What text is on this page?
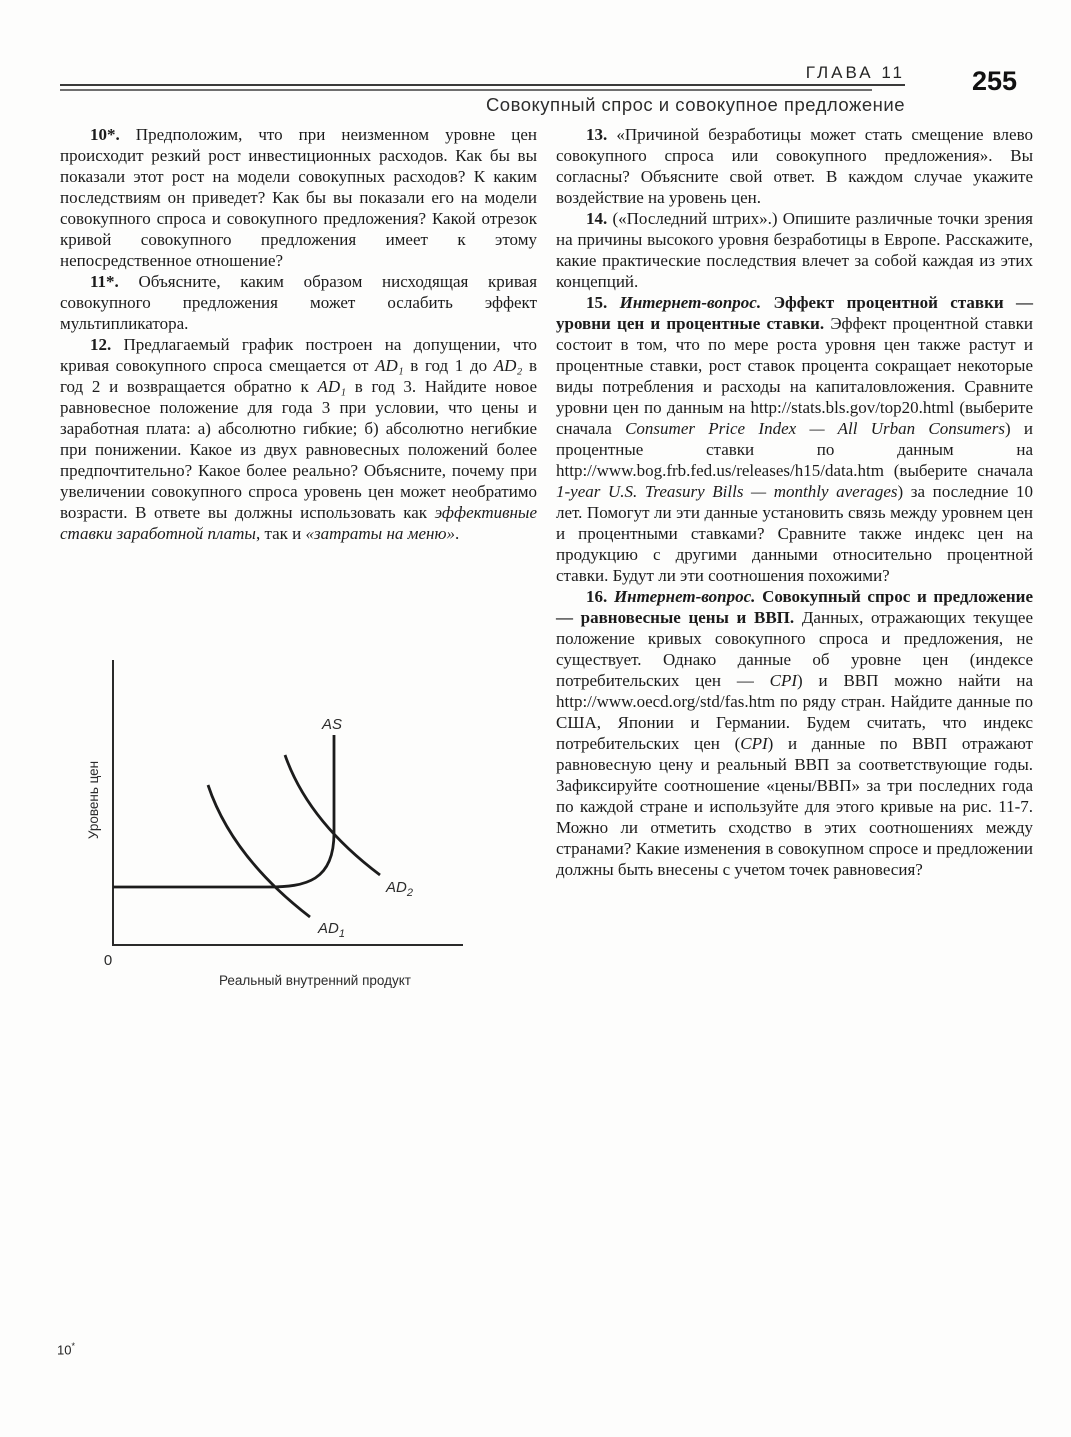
ГЛАВА 11 255
Совокупный спрос и совокупное предложение

10*. Предположим, что при неизменном уровне цен происходит резкий рост инвестиционных расходов. Как бы вы показали этот рост на модели совокупных расходов? К каким последствиям он приведет? Как бы вы показали его на модели совокупного спроса и совокупного предложения? Какой отрезок кривой совокупного предложения имеет к этому непосредственное отношение?

11*. Объясните, каким образом нисходящая кривая совокупного предложения может ослабить эффект мультипликатора.

12. Предлагаемый график построен на допущении, что кривая совокупного спроса смещается от AD₁ в год 1 до AD₂ в год 2 и возвращается обратно к AD₁ в год 3. Найдите новое равновесное положение для года 3 при условии, что цены и заработная плата: а) абсолютно гибкие; б) абсолютно негибкие при понижении. Какое из двух равновесных положений более предпочтительно? Какое более реально? Объясните, почему при увеличении совокупного спроса уровень цен может необратимо возрасти. В ответе вы должны использовать как эффективные ставки заработной платы, так и «затраты на меню».

AS
$AD_1$
$AD_2$
0
Реальный внутренний продукт
Уровень цен

13. «Причиной безработицы может стать смещение влево совокупного спроса или совокупного предложения». Вы согласны? Объясните свой ответ. В каждом случае укажите воздействие на уровень цен.

14. («Последний штрих».) Опишите различные точки зрения на причины высокого уровня безработицы в Европе. Расскажите, какие практические последствия влечет за собой каждая из этих концепций.

15. Интернет-вопрос. Эффект процентной ставки — уровни цен и процентные ставки. Эффект процентной ставки состоит в том, что по мере роста уровня цен также растут и процентные ставки, рост ставок процента сокращает некоторые виды потребления и расходы на капиталовложения. Сравните уровни цен по данным на http://stats.bls.gov/top20.html (выберите сначала Consumer Price Index — All Urban Consumers) и процентные ставки по данным на http://www.bog.frb.fed.us/releases/h15/data.htm (выберите сначала 1-year U.S. Treasury Bills — monthly averages) за последние 10 лет. Помогут ли эти данные установить связь между уровнем цен и процентными ставками? Сравните также индекс цен на продукцию с другими данными относительно процентной ставки. Будут ли эти соотношения похожими?

16. Интернет-вопрос. Совокупный спрос и предложение — равновесные цены и ВВП. Данных, отражающих текущее положение кривых совокупного спроса и предложения, не существует. Однако данные об уровне цен (индексе потребительских цен — CPI) и ВВП можно найти на http://www.oecd.org/std/fas.htm по ряду стран. Найдите данные по США, Японии и Германии. Будем считать, что индекс потребительских цен (CPI) и данные по ВВП отражают равновесную цену и реальный ВВП за соответствующие годы. Зафиксируйте соотношение «цены/ВВП» за три последних года по каждой стране и используйте для этого кривые на рис. 11-7. Можно ли отметить сходство в этих соотношениях между странами? Какие изменения в совокупном спросе и предложении должны быть внесены с учетом точек равновесия?

10*
